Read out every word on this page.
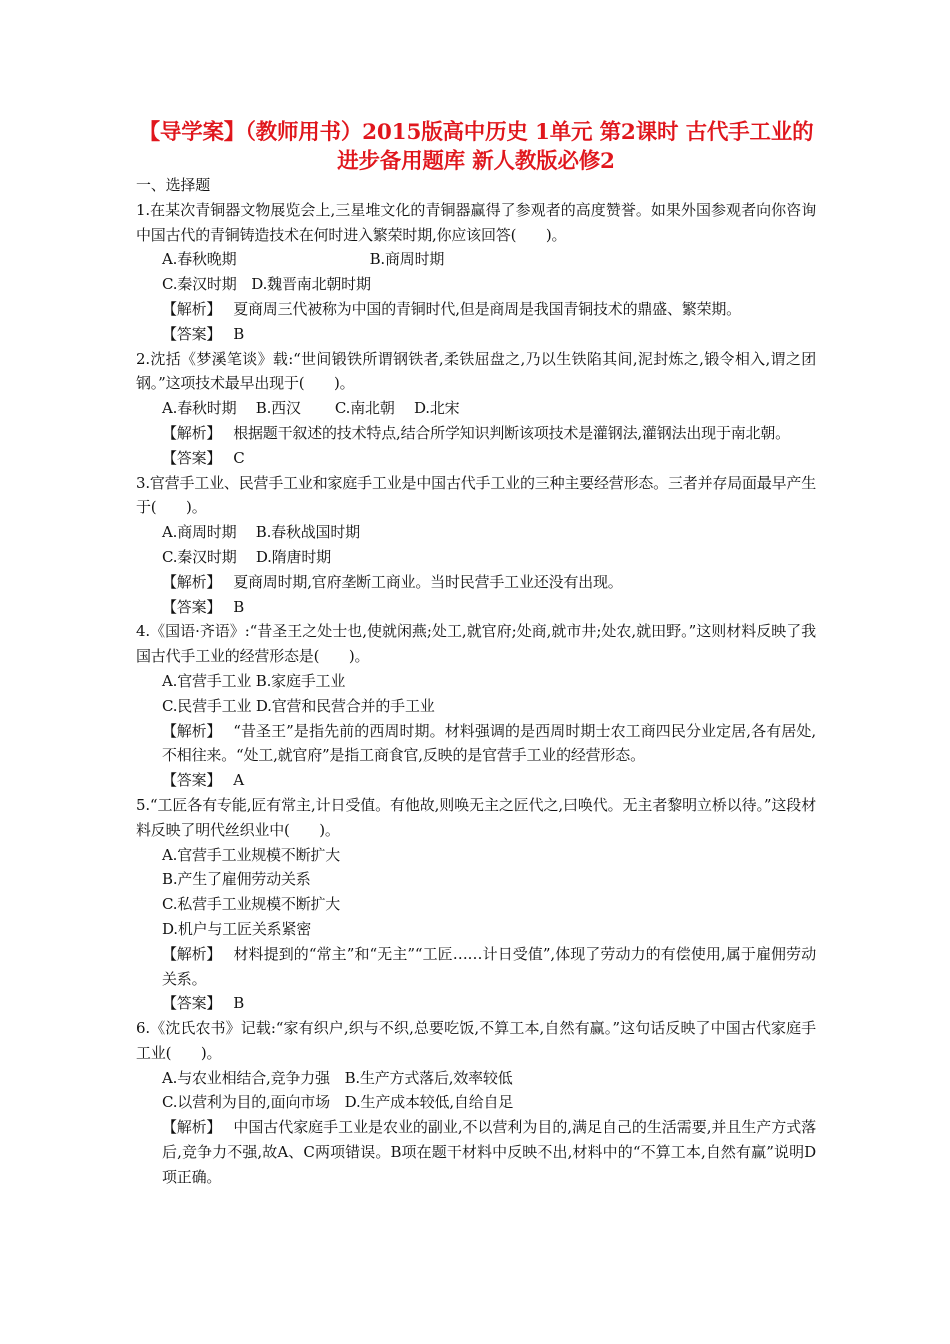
【导学案】（教师用书）2015版高中历史 1单元 第2课时 古代手工业的进步备用题库 新人教版必修2

一、选择题

1.在某次青铜器文物展览会上,三星堆文化的青铜器赢得了参观者的高度赞誉。如果外国参观者向你咨询中国古代的青铜铸造技术在何时进入繁荣时期,你应该回答(　　)。

A.春秋晚期　　　　　　　　　B.商周时期

C.秦汉时期　D.魏晋南北朝时期

【解析】 夏商周三代被称为中国的青铜时代,但是商周是我国青铜技术的鼎盛、繁荣期。

【答案】 B

2.沈括《梦溪笔谈》载:“世间锻铁所谓钢铁者,柔铁屈盘之,乃以生铁陷其间,泥封炼之,锻令相入,谓之团钢。”这项技术最早出现于(　　)。

A.春秋时期　 B.西汉　　 C.南北朝　 D.北宋

【解析】 根据题干叙述的技术特点,结合所学知识判断该项技术是灌钢法,灌钢法出现于南北朝。

【答案】 C

3.官营手工业、民营手工业和家庭手工业是中国古代手工业的三种主要经营形态。三者并存局面最早产生于(　　)。

A.商周时期　 B.春秋战国时期

C.秦汉时期　 D.隋唐时期

【解析】 夏商周时期,官府垄断工商业。当时民营手工业还没有出现。

【答案】 B

4.《国语·齐语》:“昔圣王之处士也,使就闲燕;处工,就官府;处商,就市井;处农,就田野。”这则材料反映了我国古代手工业的经营形态是(　　)。

A.官营手工业 B.家庭手工业

C.民营手工业 D.官营和民营合并的手工业

【解析】 “昔圣王”是指先前的西周时期。材料强调的是西周时期士农工商四民分业定居,各有居处,不相往来。“处工,就官府”是指工商食官,反映的是官营手工业的经营形态。

【答案】 A

5.“工匠各有专能,匠有常主,计日受值。有他故,则唤无主之匠代之,曰唤代。无主者黎明立桥以待。”这段材料反映了明代丝织业中(　　)。

A.官营手工业规模不断扩大

B.产生了雇佣劳动关系

C.私营手工业规模不断扩大

D.机户与工匠关系紧密

【解析】 材料提到的“常主”和“无主”“工匠……计日受值”,体现了劳动力的有偿使用,属于雇佣劳动关系。

【答案】 B

6.《沈氏农书》记载:“家有织户,织与不织,总要吃饭,不算工本,自然有赢。”这句话反映了中国古代家庭手工业(　　)。

A.与农业相结合,竞争力强　B.生产方式落后,效率较低

C.以营利为目的,面向市场　D.生产成本较低,自给自足

【解析】 中国古代家庭手工业是农业的副业,不以营利为目的,满足自己的生活需要,并且生产方式落后,竞争力不强,故A、C两项错误。B项在题干材料中反映不出,材料中的“不算工本,自然有赢”说明D项正确。
